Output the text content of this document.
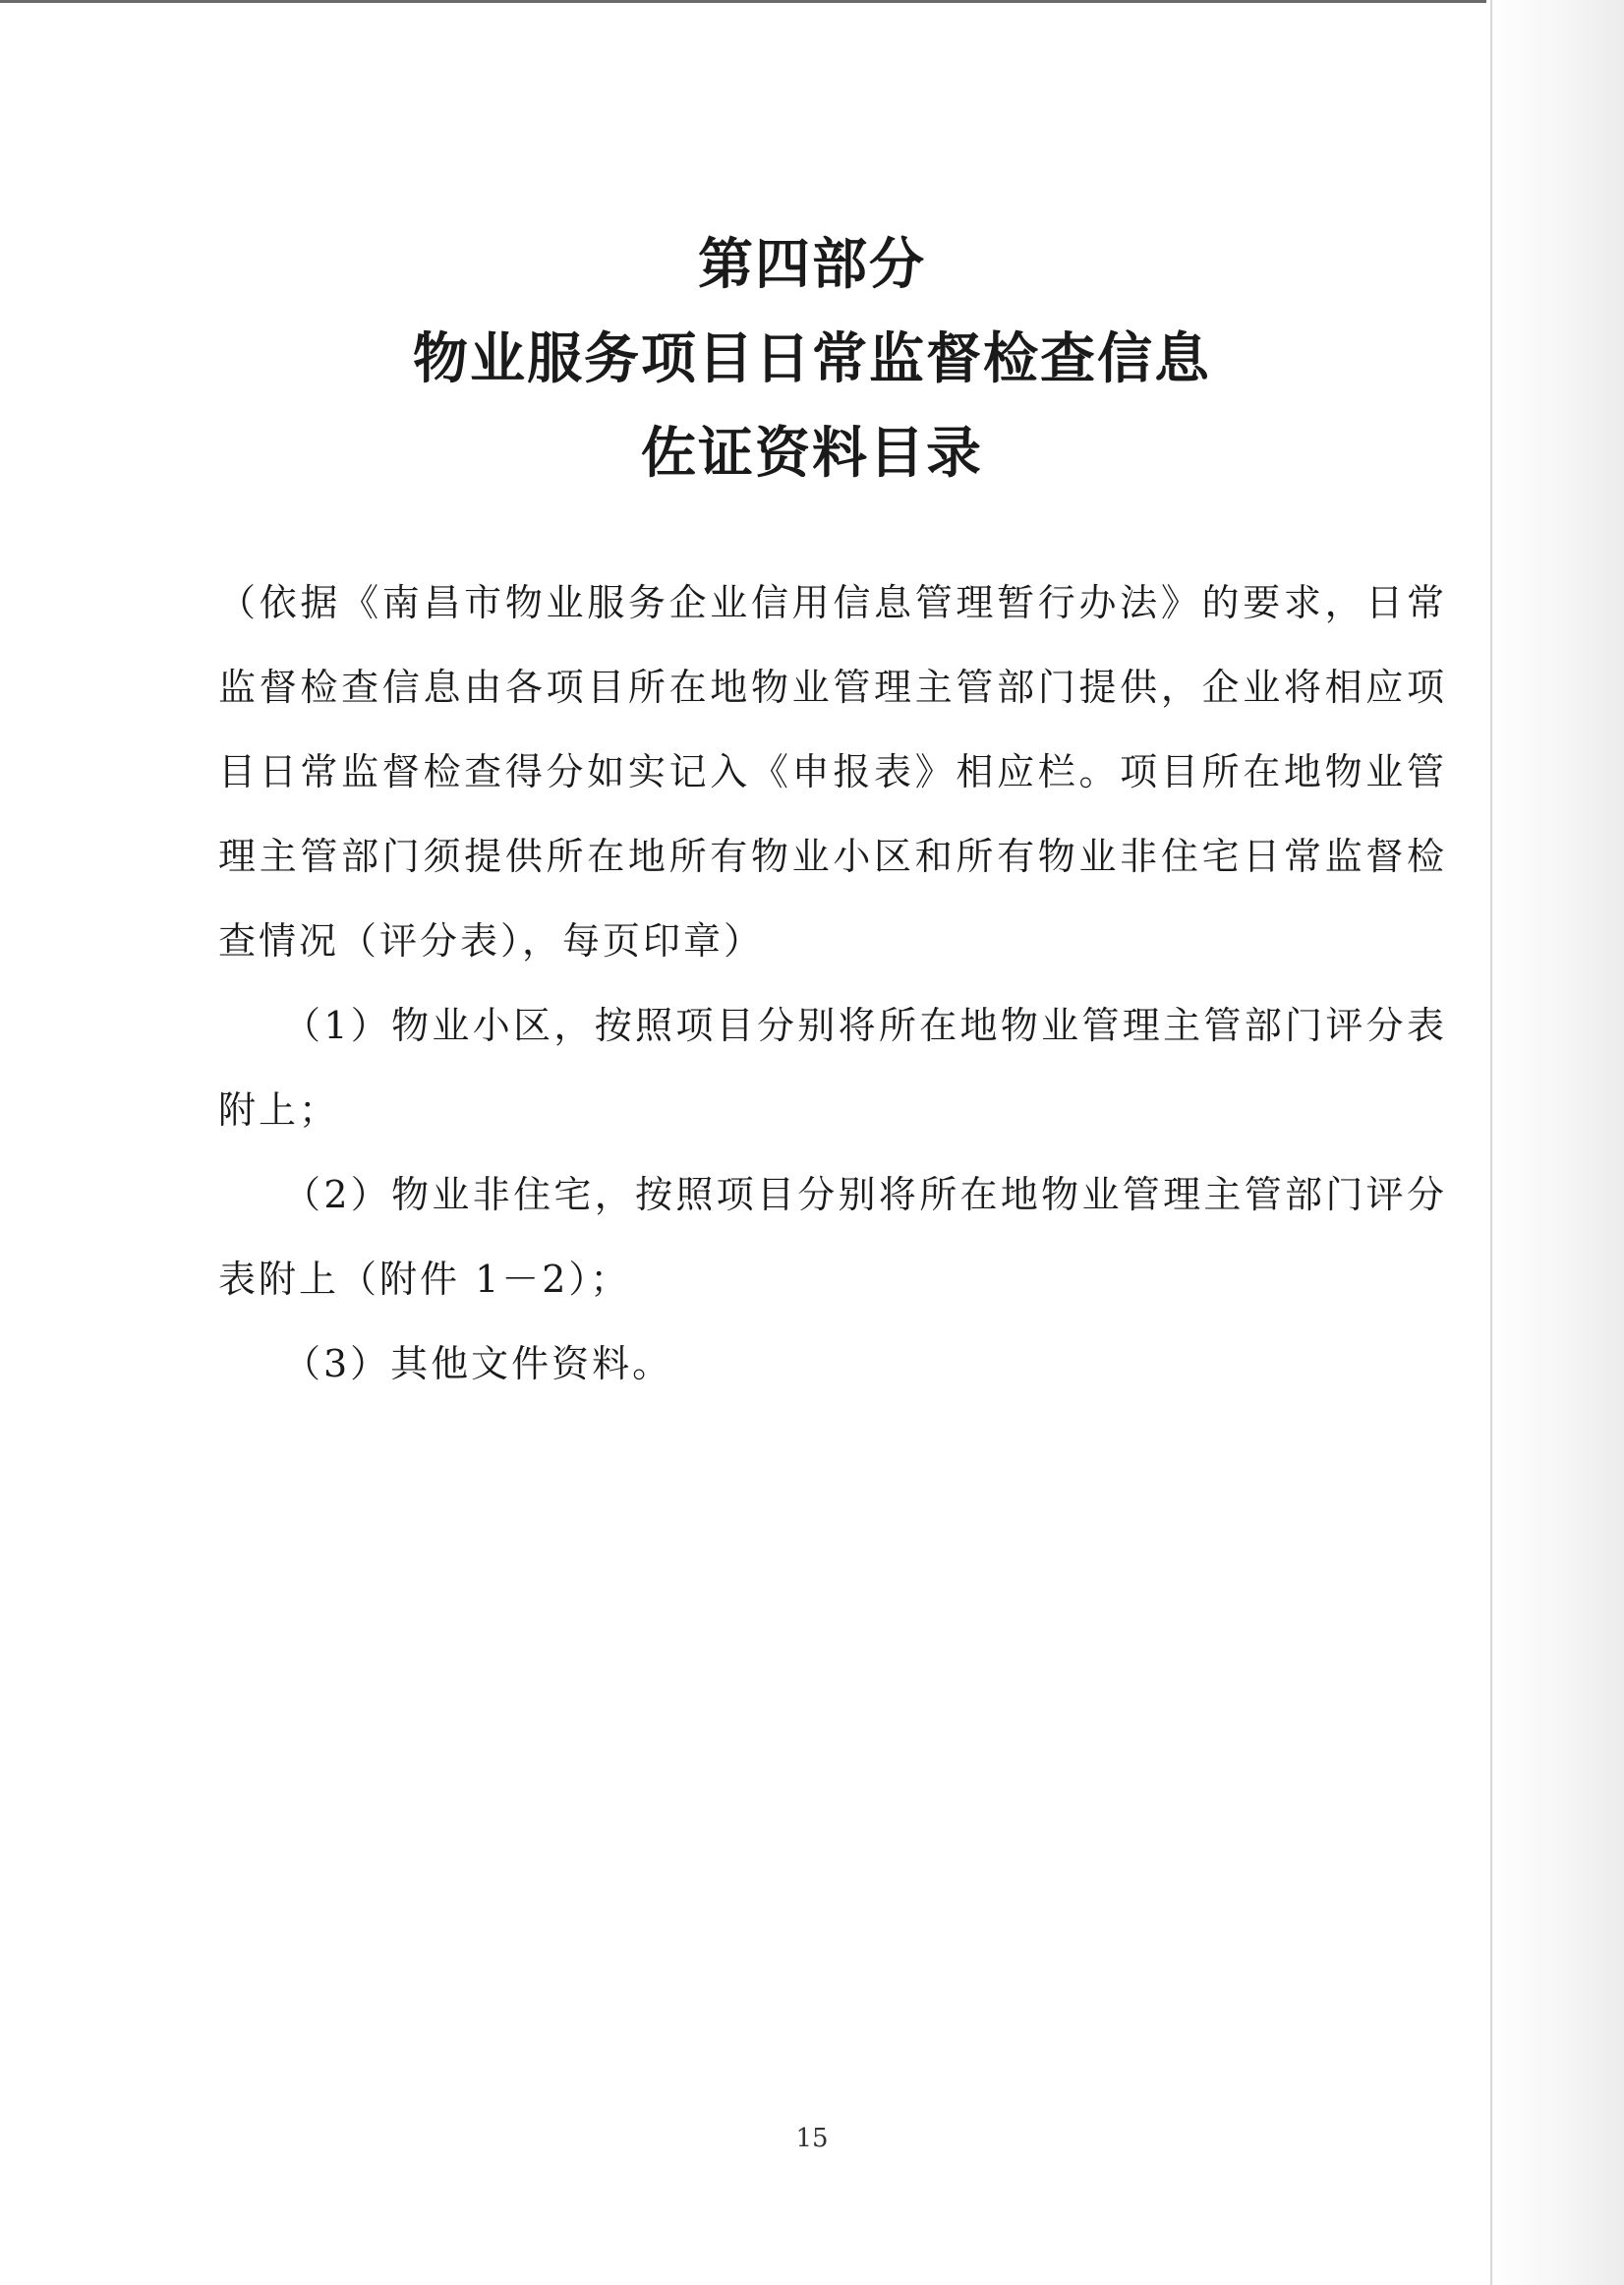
第四部分
物业服务项目日常监督检查信息
佐证资料目录

（依据《南昌市物业服务企业信用信息管理暂行办法》的要求，日常监督检查信息由各项目所在地物业管理主管部门提供，企业将相应项目日常监督检查得分如实记入《申报表》相应栏。项目所在地物业管理主管部门须提供所在地所有物业小区和所有物业非住宅日常监督检查情况（评分表），每页印章）

（1）物业小区，按照项目分别将所在地物业管理主管部门评分表附上；

（2）物业非住宅，按照项目分别将所在地物业管理主管部门评分表附上（附件 1－2）；

（3）其他文件资料。

15
